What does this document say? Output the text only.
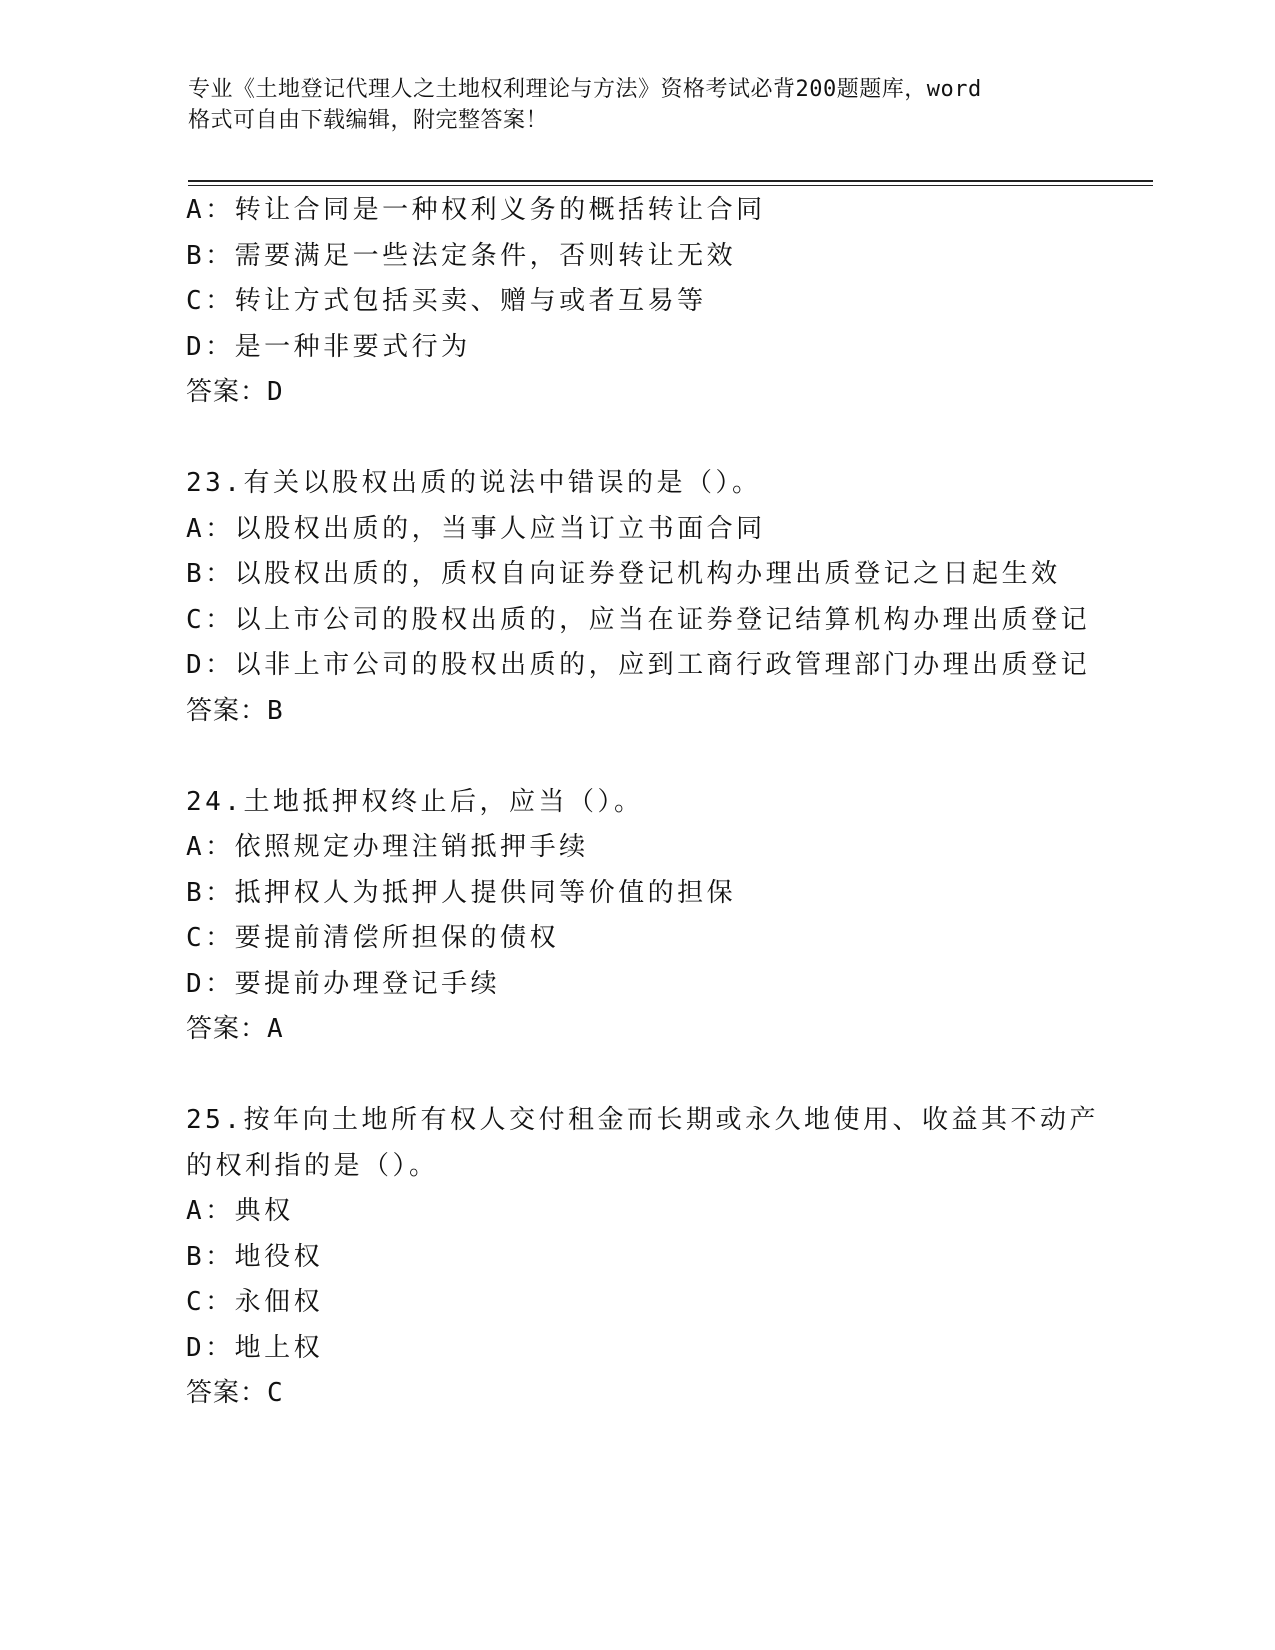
专业《土地登记代理人之土地权利理论与方法》资格考试必背200题题库，word
格式可自由下载编辑，附完整答案！
A：转让合同是一种权利义务的概括转让合同
B：需要满足一些法定条件，否则转让无效
C：转让方式包括买卖、赠与或者互易等
D：是一种非要式行为
答案：D
23.有关以股权出质的说法中错误的是（）。
A：以股权出质的，当事人应当订立书面合同
B：以股权出质的，质权自向证券登记机构办理出质登记之日起生效
C：以上市公司的股权出质的，应当在证券登记结算机构办理出质登记
D：以非上市公司的股权出质的，应到工商行政管理部门办理出质登记
答案：B
24.土地抵押权终止后，应当（）。
A：依照规定办理注销抵押手续
B：抵押权人为抵押人提供同等价值的担保
C：要提前清偿所担保的债权
D：要提前办理登记手续
答案：A
25.按年向土地所有权人交付租金而长期或永久地使用、收益其不动产
的权利指的是（）。
A：典权
B：地役权
C：永佃权
D：地上权
答案：C
